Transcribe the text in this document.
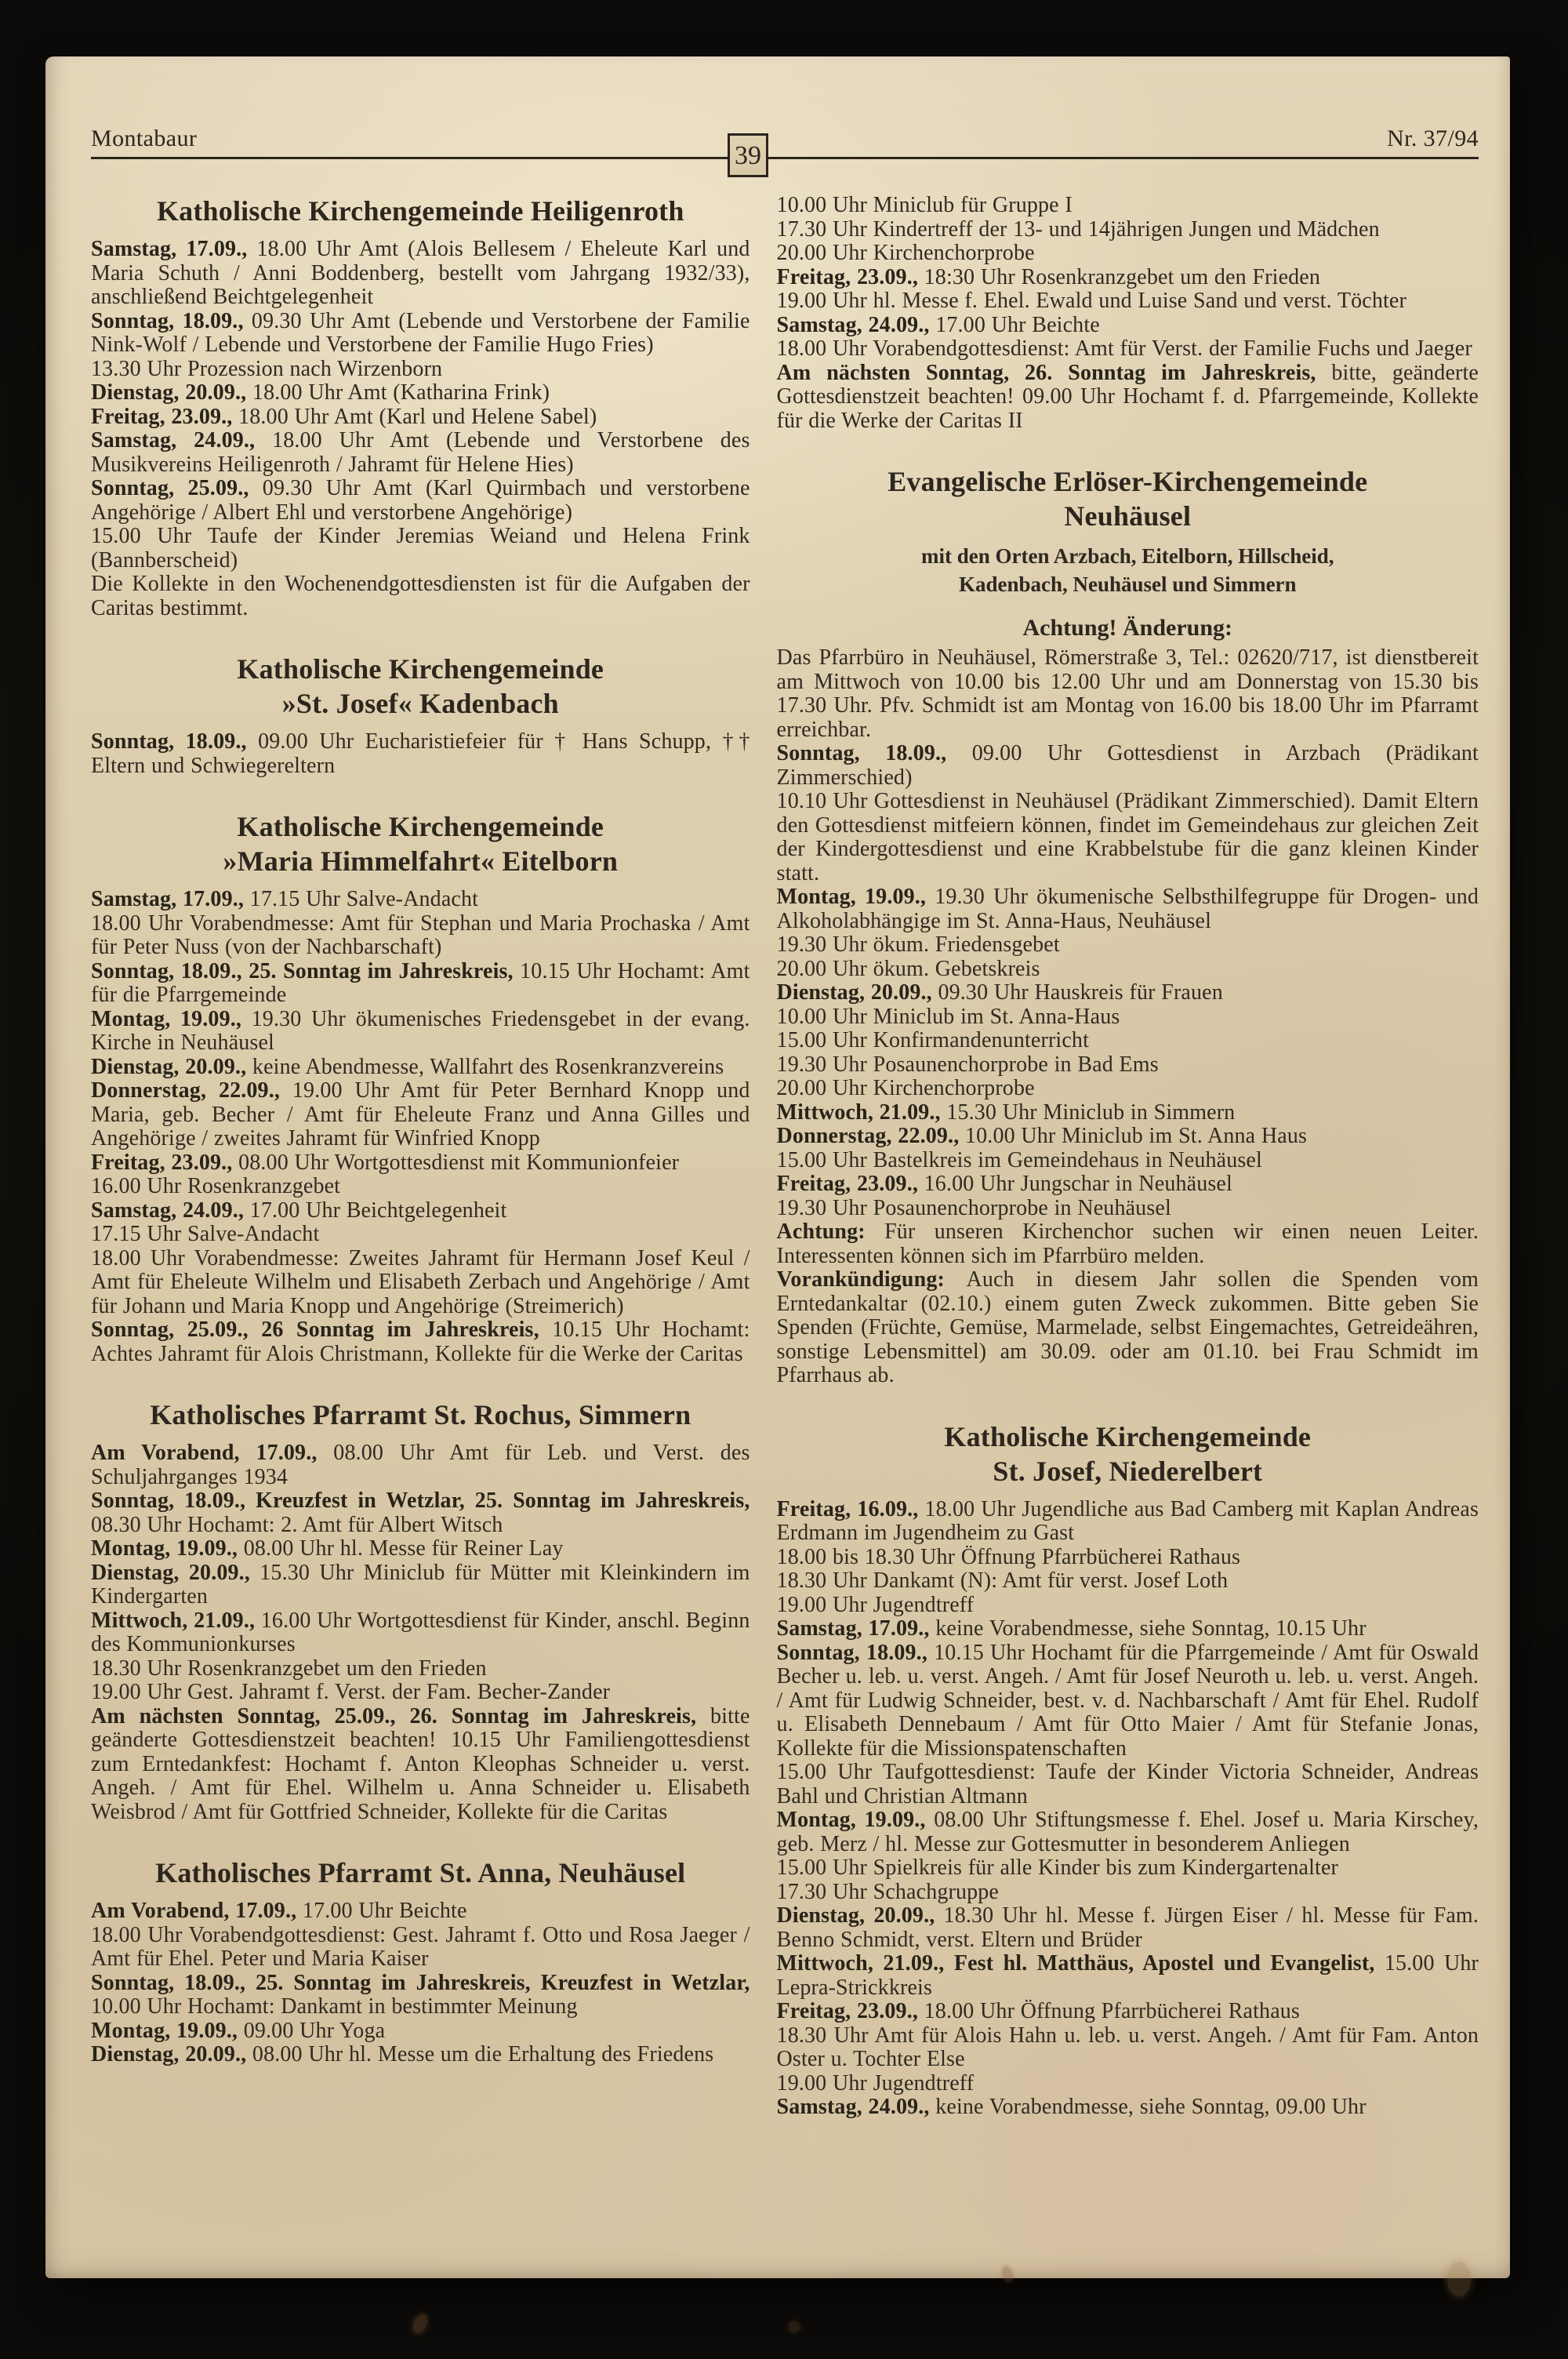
Montabaur	Nr. 37/94
39
Katholische Kirchengemeinde Heiligenroth

Samstag, 17.09., 18.00 Uhr Amt (Alois Bellesem / Eheleute Karl und Maria Schuth / Anni Boddenberg, bestellt vom Jahrgang 1932/33), anschließend Beichtgelegenheit

Sonntag, 18.09., 09.30 Uhr Amt (Lebende und Verstorbene der Familie Nink-Wolf / Lebende und Verstorbene der Familie Hugo Fries)

13.30 Uhr Prozession nach Wirzenborn

Dienstag, 20.09., 18.00 Uhr Amt (Katharina Frink)

Freitag, 23.09., 18.00 Uhr Amt (Karl und Helene Sabel)

Samstag, 24.09., 18.00 Uhr Amt (Lebende und Verstorbene des Musikvereins Heiligenroth / Jahramt für Helene Hies)

Sonntag, 25.09., 09.30 Uhr Amt (Karl Quirmbach und verstorbene Angehörige / Albert Ehl und verstorbene Angehörige)

15.00 Uhr Taufe der Kinder Jeremias Weiand und Helena Frink (Bannberscheid)

Die Kollekte in den Wochenendgottesdiensten ist für die Aufgaben der Caritas bestimmt.

Katholische Kirchengemeinde
»St. Josef« Kadenbach

Sonntag, 18.09., 09.00 Uhr Eucharistiefeier für † Hans Schupp, †† Eltern und Schwiegereltern

Katholische Kirchengemeinde
»Maria Himmelfahrt« Eitelborn

Samstag, 17.09., 17.15 Uhr Salve-Andacht

18.00 Uhr Vorabendmesse: Amt für Stephan und Maria Prochaska / Amt für Peter Nuss (von der Nachbarschaft)

Sonntag, 18.09., 25. Sonntag im Jahreskreis, 10.15 Uhr Hochamt: Amt für die Pfarrgemeinde

Montag, 19.09., 19.30 Uhr ökumenisches Friedensgebet in der evang. Kirche in Neuhäusel

Dienstag, 20.09., keine Abendmesse, Wallfahrt des Rosenkranzvereins

Donnerstag, 22.09., 19.00 Uhr Amt für Peter Bernhard Knopp und Maria, geb. Becher / Amt für Eheleute Franz und Anna Gilles und Angehörige / zweites Jahramt für Winfried Knopp

Freitag, 23.09., 08.00 Uhr Wortgottesdienst mit Kommunionfeier

16.00 Uhr Rosenkranzgebet

Samstag, 24.09., 17.00 Uhr Beichtgelegenheit

17.15 Uhr Salve-Andacht

18.00 Uhr Vorabendmesse: Zweites Jahramt für Hermann Josef Keul / Amt für Eheleute Wilhelm und Elisabeth Zerbach und Angehörige / Amt für Johann und Maria Knopp und Angehörige (Streimerich)

Sonntag, 25.09., 26 Sonntag im Jahreskreis, 10.15 Uhr Hochamt: Achtes Jahramt für Alois Christmann, Kollekte für die Werke der Caritas

Katholisches Pfarramt St. Rochus, Simmern

Am Vorabend, 17.09., 08.00 Uhr Amt für Leb. und Verst. des Schuljahrganges 1934

Sonntag, 18.09., Kreuzfest in Wetzlar, 25. Sonntag im Jahreskreis, 08.30 Uhr Hochamt: 2. Amt für Albert Witsch

Montag, 19.09., 08.00 Uhr hl. Messe für Reiner Lay

Dienstag, 20.09., 15.30 Uhr Miniclub für Mütter mit Kleinkindern im Kindergarten

Mittwoch, 21.09., 16.00 Uhr Wortgottesdienst für Kinder, anschl. Beginn des Kommunionkurses

18.30 Uhr Rosenkranzgebet um den Frieden

19.00 Uhr Gest. Jahramt f. Verst. der Fam. Becher-Zander

Am nächsten Sonntag, 25.09., 26. Sonntag im Jahreskreis, bitte geänderte Gottesdienstzeit beachten! 10.15 Uhr Familiengottesdienst zum Erntedankfest: Hochamt f. Anton Kleophas Schneider u. verst. Angeh. / Amt für Ehel. Wilhelm u. Anna Schneider u. Elisabeth Weisbrod / Amt für Gottfried Schneider, Kollekte für die Caritas

Katholisches Pfarramt St. Anna, Neuhäusel

Am Vorabend, 17.09., 17.00 Uhr Beichte

18.00 Uhr Vorabendgottesdienst: Gest. Jahramt f. Otto und Rosa Jaeger / Amt für Ehel. Peter und Maria Kaiser

Sonntag, 18.09., 25. Sonntag im Jahreskreis, Kreuzfest in Wetzlar, 10.00 Uhr Hochamt: Dankamt in bestimmter Meinung

Montag, 19.09., 09.00 Uhr Yoga

Dienstag, 20.09., 08.00 Uhr hl. Messe um die Erhaltung des Friedens

10.00 Uhr Miniclub für Gruppe I

17.30 Uhr Kindertreff der 13- und 14jährigen Jungen und Mädchen

20.00 Uhr Kirchenchorprobe

Freitag, 23.09., 18:30 Uhr Rosenkranzgebet um den Frieden

19.00 Uhr hl. Messe f. Ehel. Ewald und Luise Sand und verst. Töchter

Samstag, 24.09., 17.00 Uhr Beichte

18.00 Uhr Vorabendgottesdienst: Amt für Verst. der Familie Fuchs und Jaeger

Am nächsten Sonntag, 26. Sonntag im Jahreskreis, bitte, geänderte Gottesdienstzeit beachten! 09.00 Uhr Hochamt f. d. Pfarrgemeinde, Kollekte für die Werke der Caritas II

Evangelische Erlöser-Kirchengemeinde
Neuhäusel
mit den Orten Arzbach, Eitelborn, Hillscheid,
Kadenbach, Neuhäusel und Simmern
Achtung! Änderung:

Das Pfarrbüro in Neuhäusel, Römerstraße 3, Tel.: 02620/717, ist dienstbereit am Mittwoch von 10.00 bis 12.00 Uhr und am Donnerstag von 15.30 bis 17.30 Uhr. Pfv. Schmidt ist am Montag von 16.00 bis 18.00 Uhr im Pfarramt erreichbar.

Sonntag, 18.09., 09.00 Uhr Gottesdienst in Arzbach (Prädikant Zimmerschied)

10.10 Uhr Gottesdienst in Neuhäusel (Prädikant Zimmerschied). Damit Eltern den Gottesdienst mitfeiern können, findet im Gemeindehaus zur gleichen Zeit der Kindergottesdienst und eine Krabbelstube für die ganz kleinen Kinder statt.

Montag, 19.09., 19.30 Uhr ökumenische Selbsthilfegruppe für Drogen- und Alkoholabhängige im St. Anna-Haus, Neuhäusel

19.30 Uhr ökum. Friedensgebet

20.00 Uhr ökum. Gebetskreis

Dienstag, 20.09., 09.30 Uhr Hauskreis für Frauen

10.00 Uhr Miniclub im St. Anna-Haus

15.00 Uhr Konfirmandenunterricht

19.30 Uhr Posaunenchorprobe in Bad Ems

20.00 Uhr Kirchenchorprobe

Mittwoch, 21.09., 15.30 Uhr Miniclub in Simmern

Donnerstag, 22.09., 10.00 Uhr Miniclub im St. Anna Haus

15.00 Uhr Bastelkreis im Gemeindehaus in Neuhäusel

Freitag, 23.09., 16.00 Uhr Jungschar in Neuhäusel

19.30 Uhr Posaunenchorprobe in Neuhäusel

Achtung: Für unseren Kirchenchor suchen wir einen neuen Leiter. Interessenten können sich im Pfarrbüro melden.

Vorankündigung: Auch in diesem Jahr sollen die Spenden vom Erntedankaltar (02.10.) einem guten Zweck zukommen. Bitte geben Sie Spenden (Früchte, Gemüse, Marmelade, selbst Eingemachtes, Getreideähren, sonstige Lebensmittel) am 30.09. oder am 01.10. bei Frau Schmidt im Pfarrhaus ab.

Katholische Kirchengemeinde
St. Josef, Niederelbert

Freitag, 16.09., 18.00 Uhr Jugendliche aus Bad Camberg mit Kaplan Andreas Erdmann im Jugendheim zu Gast

18.00 bis 18.30 Uhr Öffnung Pfarrbücherei Rathaus

18.30 Uhr Dankamt (N): Amt für verst. Josef Loth

19.00 Uhr Jugendtreff

Samstag, 17.09., keine Vorabendmesse, siehe Sonntag, 10.15 Uhr

Sonntag, 18.09., 10.15 Uhr Hochamt für die Pfarrgemeinde / Amt für Oswald Becher u. leb. u. verst. Angeh. / Amt für Josef Neuroth u. leb. u. verst. Angeh. / Amt für Ludwig Schneider, best. v. d. Nachbarschaft / Amt für Ehel. Rudolf u. Elisabeth Dennebaum / Amt für Otto Maier / Amt für Stefanie Jonas, Kollekte für die Missionspatenschaften

15.00 Uhr Taufgottesdienst: Taufe der Kinder Victoria Schneider, Andreas Bahl und Christian Altmann

Montag, 19.09., 08.00 Uhr Stiftungsmesse f. Ehel. Josef u. Maria Kirschey, geb. Merz / hl. Messe zur Gottesmutter in besonderem Anliegen

15.00 Uhr Spielkreis für alle Kinder bis zum Kindergartenalter

17.30 Uhr Schachgruppe

Dienstag, 20.09., 18.30 Uhr hl. Messe f. Jürgen Eiser / hl. Messe für Fam. Benno Schmidt, verst. Eltern und Brüder

Mittwoch, 21.09., Fest hl. Matthäus, Apostel und Evangelist, 15.00 Uhr Lepra-Strickkreis

Freitag, 23.09., 18.00 Uhr Öffnung Pfarrbücherei Rathaus

18.30 Uhr Amt für Alois Hahn u. leb. u. verst. Angeh. / Amt für Fam. Anton Oster u. Tochter Else

19.00 Uhr Jugendtreff

Samstag, 24.09., keine Vorabendmesse, siehe Sonntag, 09.00 Uhr
